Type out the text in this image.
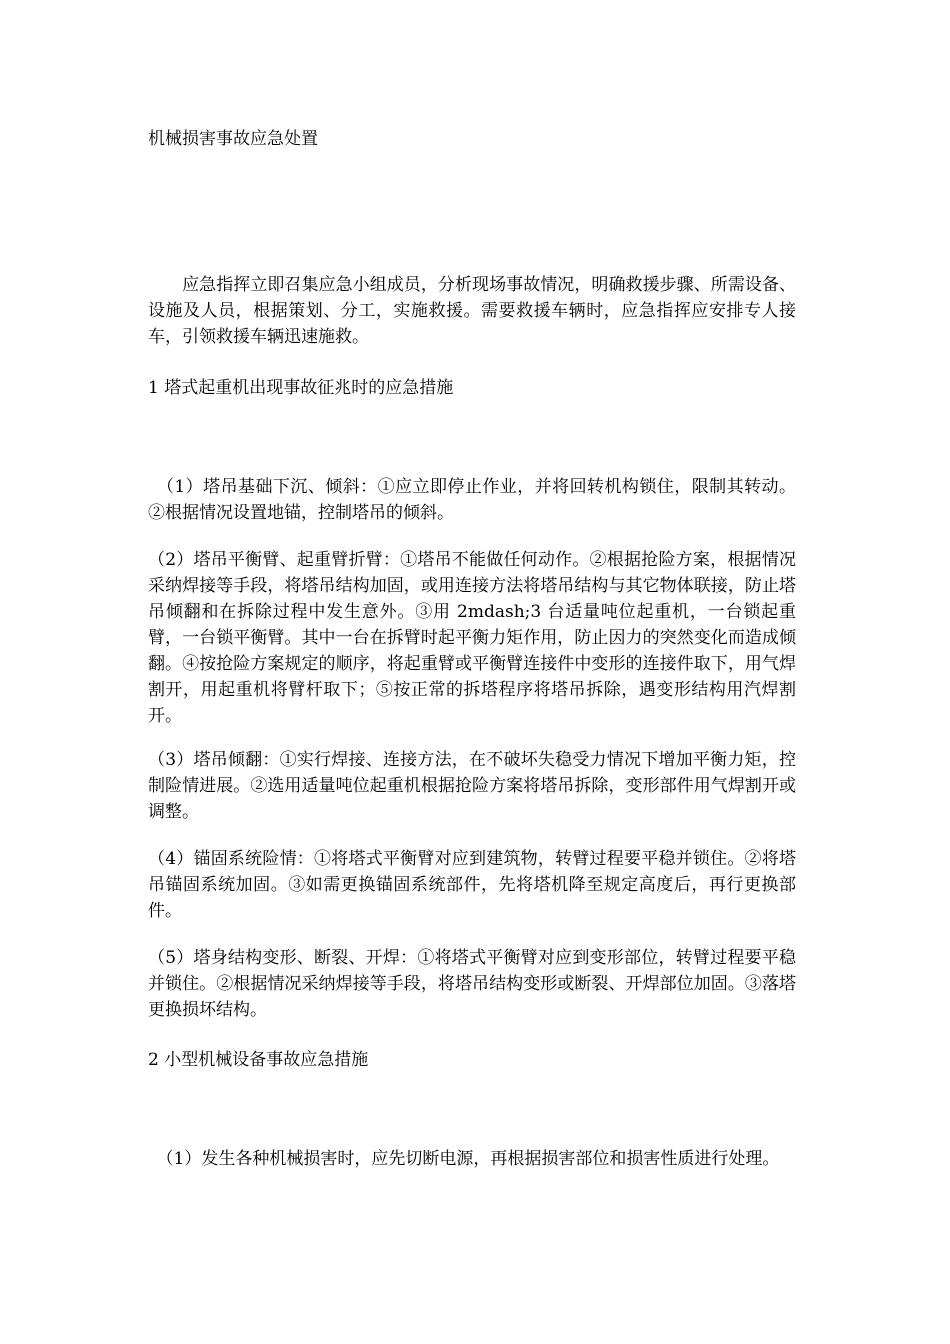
机械损害事故应急处置

　　应急指挥立即召集应急小组成员，分析现场事故情况，明确救援步骤、所需设备、设施及人员，根据策划、分工，实施救援。需要救援车辆时，应急指挥应安排专人接车，引领救援车辆迅速施救。

1 塔式起重机出现事故征兆时的应急措施

　（1）塔吊基础下沉、倾斜：①应立即停止作业，并将回转机构锁住，限制其转动。②根据情况设置地锚，控制塔吊的倾斜。

（2）塔吊平衡臂、起重臂折臂：①塔吊不能做任何动作。②根据抢险方案，根据情况采纳焊接等手段，将塔吊结构加固，或用连接方法将塔吊结构与其它物体联接，防止塔吊倾翻和在拆除过程中发生意外。③用 2mdash;3 台适量吨位起重机，一台锁起重臂，一台锁平衡臂。其中一台在拆臂时起平衡力矩作用，防止因力的突然变化而造成倾翻。④按抢险方案规定的顺序，将起重臂或平衡臂连接件中变形的连接件取下，用气焊割开，用起重机将臂杆取下；⑤按正常的拆塔程序将塔吊拆除，遇变形结构用汽焊割开。

（3）塔吊倾翻：①实行焊接、连接方法，在不破坏失稳受力情况下增加平衡力矩，控制险情进展。②选用适量吨位起重机根据抢险方案将塔吊拆除，变形部件用气焊割开或调整。

（4）锚固系统险情：①将塔式平衡臂对应到建筑物，转臂过程要平稳并锁住。②将塔吊锚固系统加固。③如需更换锚固系统部件，先将塔机降至规定高度后，再行更换部件。

（5）塔身结构变形、断裂、开焊：①将塔式平衡臂对应到变形部位，转臂过程要平稳并锁住。②根据情况采纳焊接等手段，将塔吊结构变形或断裂、开焊部位加固。③落塔更换损坏结构。

2 小型机械设备事故应急措施

　（1）发生各种机械损害时，应先切断电源，再根据损害部位和损害性质进行处理。
